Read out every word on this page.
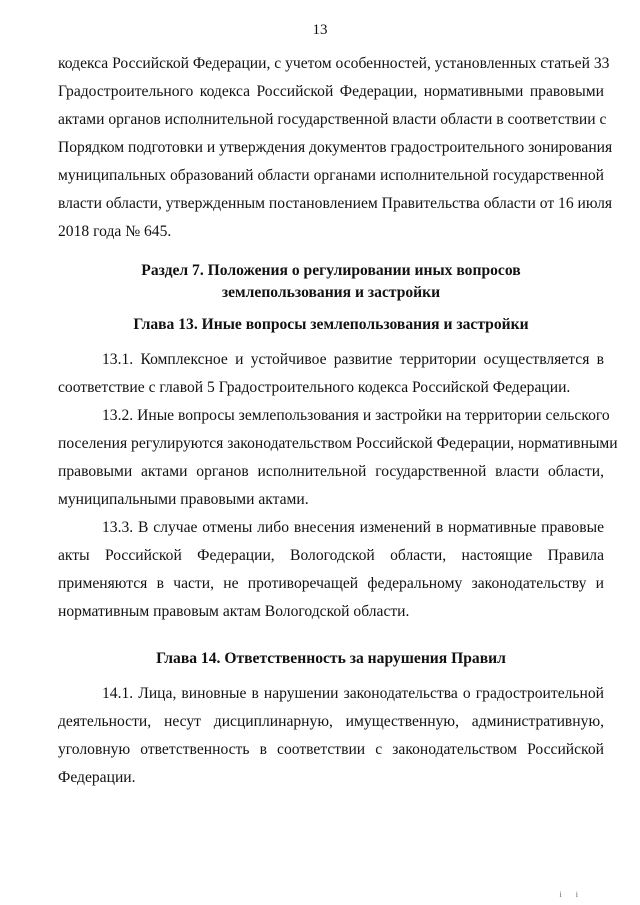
13
кодекса Российской Федерации, с учетом особенностей, установленных статьей 33
Градостроительного кодекса Российской Федерации, нормативными правовыми
актами органов исполнительной государственной власти области в соответствии с
Порядком подготовки и утверждения документов градостроительного зонирования
муниципальных образований области органами исполнительной государственной
власти области, утвержденным постановлением Правительства области от 16 июля
2018 года № 645.
Раздел 7. Положения о регулировании иных вопросов
землепользования и застройки
Глава 13. Иные вопросы землепользования и застройки
13.1. Комплексное и устойчивое развитие территории осуществляется в
соответствие с главой 5 Градостроительного кодекса Российской Федерации.
13.2. Иные вопросы землепользования и застройки на территории сельского
поселения регулируются законодательством Российской Федерации, нормативными
правовыми актами органов исполнительной государственной власти области,
муниципальными правовыми актами.
13.3. В случае отмены либо внесения изменений в нормативные правовые
акты Российской Федерации, Вологодской области, настоящие Правила
применяются в части, не противоречащей федеральному законодательству и
нормативным правовым актам Вологодской области.
Глава 14. Ответственность за нарушения Правил
14.1. Лица, виновные в нарушении законодательства о градостроительной
деятельности, несут дисциплинарную, имущественную, административную,
уголовную ответственность в соответствии с законодательством Российской
Федерации.
i i
